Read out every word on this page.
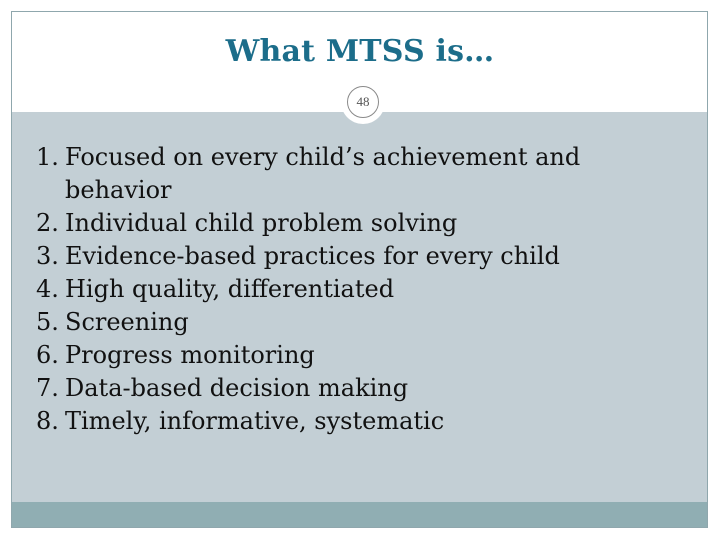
What MTSS is…
48
1. Focused on every child’s achievement and behavior
2. Individual child problem solving
3. Evidence-based practices for every child
4. High quality, differentiated
5. Screening
6. Progress monitoring
7. Data-based decision making
8. Timely, informative, systematic
